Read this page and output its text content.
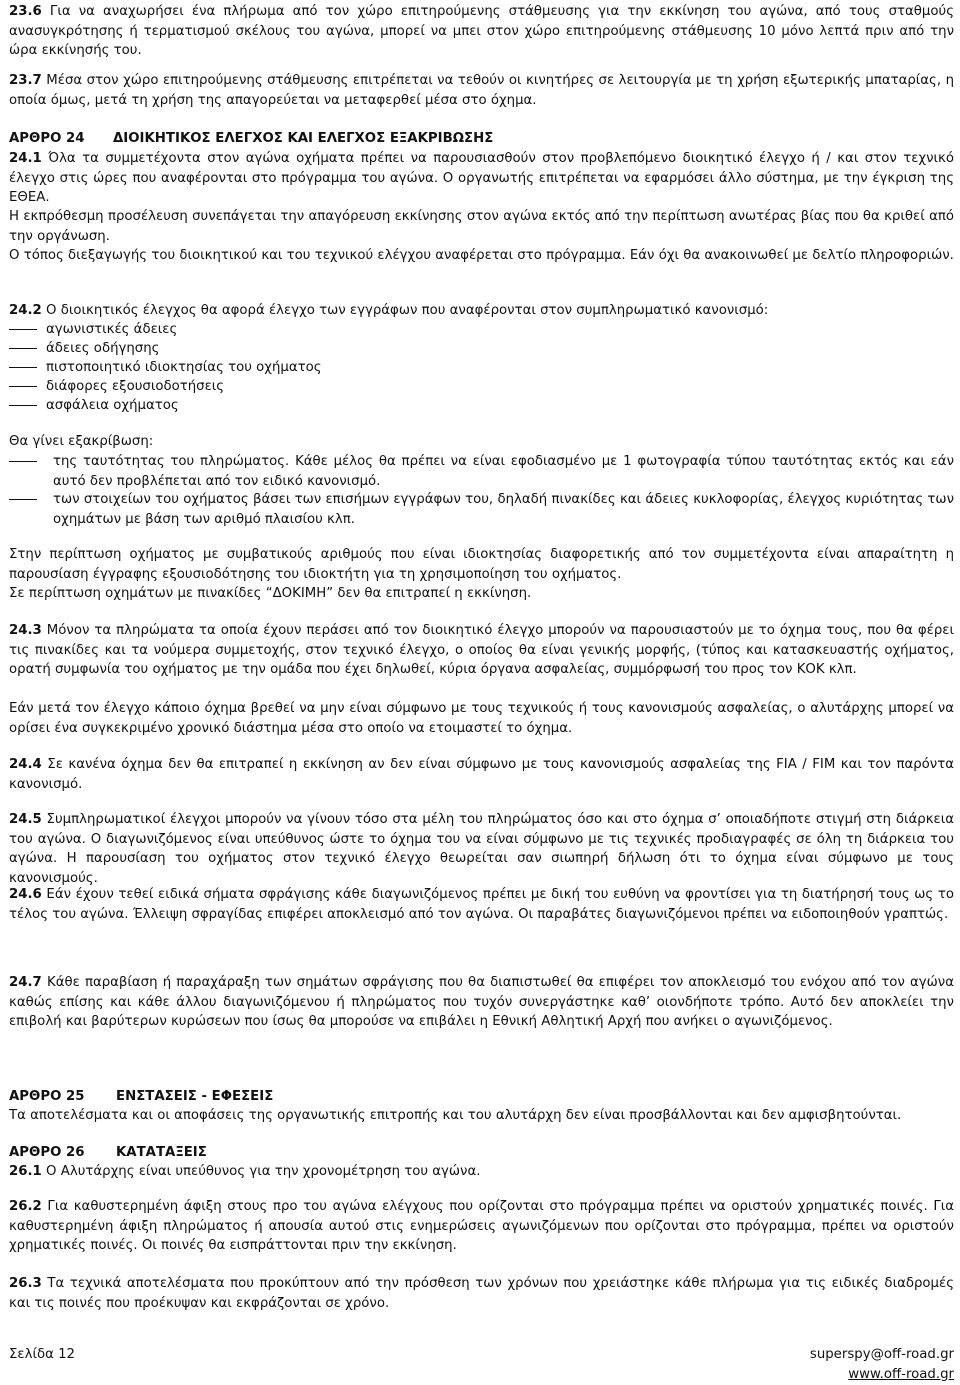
23.6 Για να αναχωρήσει ένα πλήρωμα από τον χώρο επιτηρούμενης στάθμευσης για την εκκίνηση του αγώνα, από τους σταθμούς ανασυγκρότησης ή τερματισμού σκέλους του αγώνα, μπορεί να μπει στον χώρο επιτηρούμενης στάθμευσης 10 μόνο λεπτά πριν από την ώρα εκκίνησής του.

23.7 Μέσα στον χώρο επιτηρούμενης στάθμευσης επιτρέπεται να τεθούν οι κινητήρες σε λειτουργία με τη χρήση εξωτερικής μπαταρίας, η οποία όμως, μετά τη χρήση της απαγορεύεται να μεταφερθεί μέσα στο όχημα.

ΑΡΘΡΟ 24 ΔΙΟΙΚΗΤΙΚΟΣ ΕΛΕΓΧΟΣ ΚΑΙ ΕΛΕΓΧΟΣ ΕΞΑΚΡΙΒΩΣΗΣ

24.1 Όλα τα συμμετέχοντα στον αγώνα οχήματα πρέπει να παρουσιασθούν στον προβλεπόμενο διοικητικό έλεγχο ή / και στον τεχνικό έλεγχο στις ώρες που αναφέρονται στο πρόγραμμα του αγώνα. Ο οργανωτής επιτρέπεται να εφαρμόσει άλλο σύστημα, με την έγκριση της ΕΘΕΑ.

Η εκπρόθεσμη προσέλευση συνεπάγεται την απαγόρευση εκκίνησης στον αγώνα εκτός από την περίπτωση ανωτέρας βίας που θα κριθεί από την οργάνωση.

Ο τόπος διεξαγωγής του διοικητικού και του τεχνικού ελέγχου αναφέρεται στο πρόγραμμα. Εάν όχι θα ανακοινωθεί με δελτίο πληροφοριών.

24.2 Ο διοικητικός έλεγχος θα αφορά έλεγχο των εγγράφων που αναφέρονται στον συμπληρωματικό κανονισμό:

αγωνιστικές άδειες
άδειες οδήγησης
πιστοποιητικό ιδιοκτησίας του οχήματος
διάφορες εξουσιοδοτήσεις
ασφάλεια οχήματος

Θα γίνει εξακρίβωση:

της ταυτότητας του πληρώματος. Κάθε μέλος θα πρέπει να είναι εφοδιασμένο με 1 φωτογραφία τύπου ταυτότητας εκτός και εάν αυτό δεν προβλέπεται από τον ειδικό κανονισμό.
των στοιχείων του οχήματος βάσει των επισήμων εγγράφων του, δηλαδή πινακίδες και άδειες κυκλοφορίας, έλεγχος κυριότητας των οχημάτων με βάση των αριθμό πλαισίου κλπ.

Στην περίπτωση οχήματος με συμβατικούς αριθμούς που είναι ιδιοκτησίας διαφορετικής από τον συμμετέχοντα είναι απαραίτητη η παρουσίαση έγγραφης εξουσιοδότησης του ιδιοκτήτη για τη χρησιμοποίηση του οχήματος.

Σε περίπτωση οχημάτων με πινακίδες “ΔΟΚΙΜΗ” δεν θα επιτραπεί η εκκίνηση.

24.3 Μόνον τα πληρώματα τα οποία έχουν περάσει από τον διοικητικό έλεγχο μπορούν να παρουσιαστούν με το όχημα τους, που θα φέρει τις πινακίδες και τα νούμερα συμμετοχής, στον τεχνικό έλεγχο, ο οποίος θα είναι γενικής μορφής, (τύπος και κατασκευαστής οχήματος, ορατή συμφωνία του οχήματος με την ομάδα που έχει δηλωθεί, κύρια όργανα ασφαλείας, συμμόρφωσή του προς τον ΚΟΚ κλπ.

Εάν μετά τον έλεγχο κάποιο όχημα βρεθεί να μην είναι σύμφωνο με τους τεχνικούς ή τους κανονισμούς ασφαλείας, ο αλυτάρχης μπορεί να ορίσει ένα συγκεκριμένο χρονικό διάστημα μέσα στο οποίο να ετοιμαστεί το όχημα.

24.4 Σε κανένα όχημα δεν θα επιτραπεί η εκκίνηση αν δεν είναι σύμφωνο με τους κανονισμούς ασφαλείας της FIA / FIM και τον παρόντα κανονισμό.

24.5 Συμπληρωματικοί έλεγχοι μπορούν να γίνουν τόσο στα μέλη του πληρώματος όσο και στο όχημα σ’ οποιαδήποτε στιγμή στη διάρκεια του αγώνα. Ο διαγωνιζόμενος είναι υπεύθυνος ώστε το όχημα του να είναι σύμφωνο με τις τεχνικές προδιαγραφές σε όλη τη διάρκεια του αγώνα. Η παρουσίαση του οχήματος στον τεχνικό έλεγχο θεωρείται σαν σιωπηρή δήλωση ότι το όχημα είναι σύμφωνο με τους κανονισμούς.

24.6 Εάν έχουν τεθεί ειδικά σήματα σφράγισης κάθε διαγωνιζόμενος πρέπει με δική του ευθύνη να φροντίσει για τη διατήρησή τους ως το τέλος του αγώνα. Έλλειψη σφραγίδας επιφέρει αποκλεισμό από τον αγώνα. Οι παραβάτες διαγωνιζόμενοι πρέπει να ειδοποιηθούν γραπτώς.

24.7 Κάθε παραβίαση ή παραχάραξη των σημάτων σφράγισης που θα διαπιστωθεί θα επιφέρει τον αποκλεισμό του ενόχου από τον αγώνα καθώς επίσης και κάθε άλλου διαγωνιζόμενου ή πληρώματος που τυχόν συνεργάστηκε καθ’ οιονδήποτε τρόπο. Αυτό δεν αποκλείει την επιβολή και βαρύτερων κυρώσεων που ίσως θα μπορούσε να επιβάλει η Εθνική Αθλητική Αρχή που ανήκει ο αγωνιζόμενος.

ΑΡΘΡΟ 25 ΕΝΣΤΑΣΕΙΣ - ΕΦΕΣΕΙΣ

Τα αποτελέσματα και οι αποφάσεις της οργανωτικής επιτροπής και του αλυτάρχη δεν είναι προσβάλλονται και δεν αμφισβητούνται.

ΑΡΘΡΟ 26 ΚΑΤΑΤΑΞΕΙΣ

26.1 Ο Αλυτάρχης είναι υπεύθυνος για την χρονομέτρηση του αγώνα.

26.2 Για καθυστερημένη άφιξη στους προ του αγώνα ελέγχους που ορίζονται στο πρόγραμμα πρέπει να οριστούν χρηματικές ποινές. Για καθυστερημένη άφιξη πληρώματος ή απουσία αυτού στις ενημερώσεις αγωνιζόμενων που ορίζονται στο πρόγραμμα, πρέπει να οριστούν χρηματικές ποινές. Οι ποινές θα εισπράττονται πριν την εκκίνηση.

26.3 Τα τεχνικά αποτελέσματα που προκύπτουν από την πρόσθεση των χρόνων που χρειάστηκε κάθε πλήρωμα για τις ειδικές διαδρομές και τις ποινές που προέκυψαν και εκφράζονται σε χρόνο.

Σελίδα 12	superspy@off-road.gr
www.off-road.gr
